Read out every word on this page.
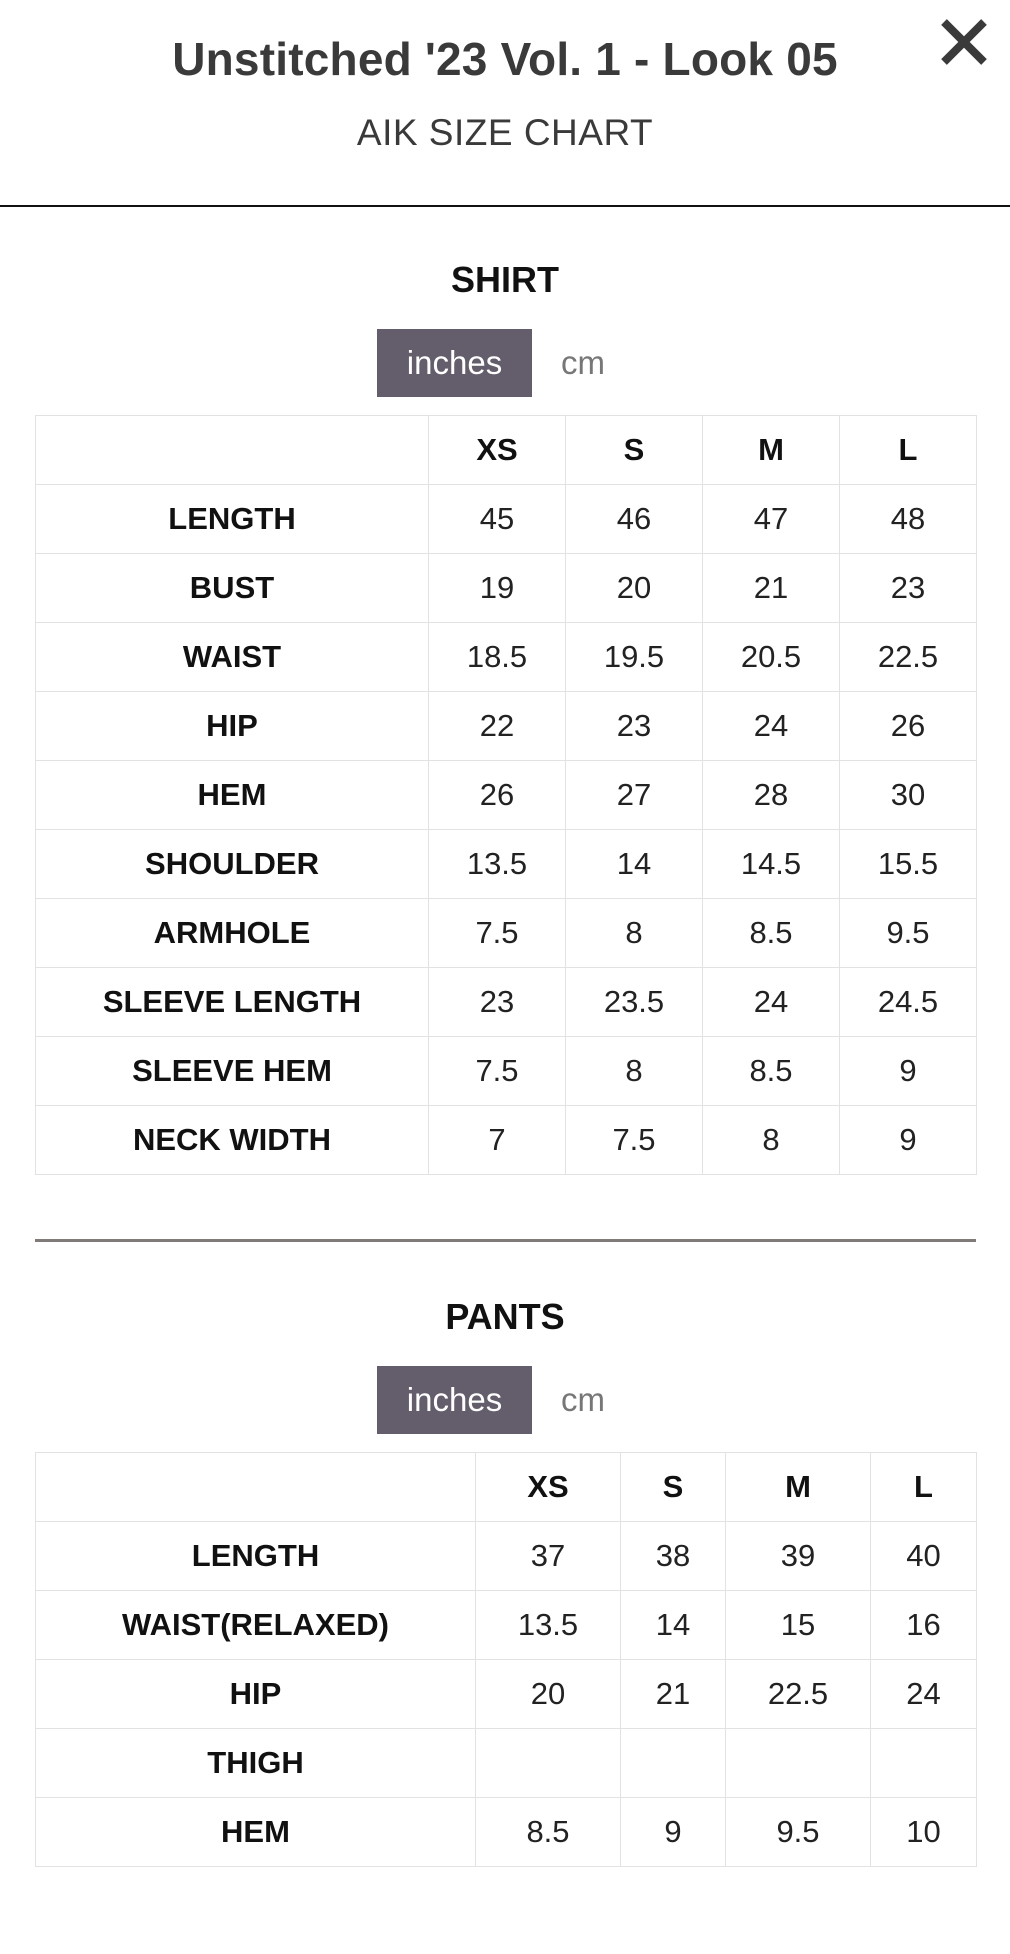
Unstitched '23 Vol. 1 - Look 05
AIK SIZE CHART
SHIRT
inches	cm
	XS	S	M	L
LENGTH	45	46	47	48
BUST	19	20	21	23
WAIST	18.5	19.5	20.5	22.5
HIP	22	23	24	26
HEM	26	27	28	30
SHOULDER	13.5	14	14.5	15.5
ARMHOLE	7.5	8	8.5	9.5
SLEEVE LENGTH	23	23.5	24	24.5
SLEEVE HEM	7.5	8	8.5	9
NECK WIDTH	7	7.5	8	9
PANTS
inches	cm
	XS	S	M	L
LENGTH	37	38	39	40
WAIST(RELAXED)	13.5	14	15	16
HIP	20	21	22.5	24
THIGH				
HEM	8.5	9	9.5	10
